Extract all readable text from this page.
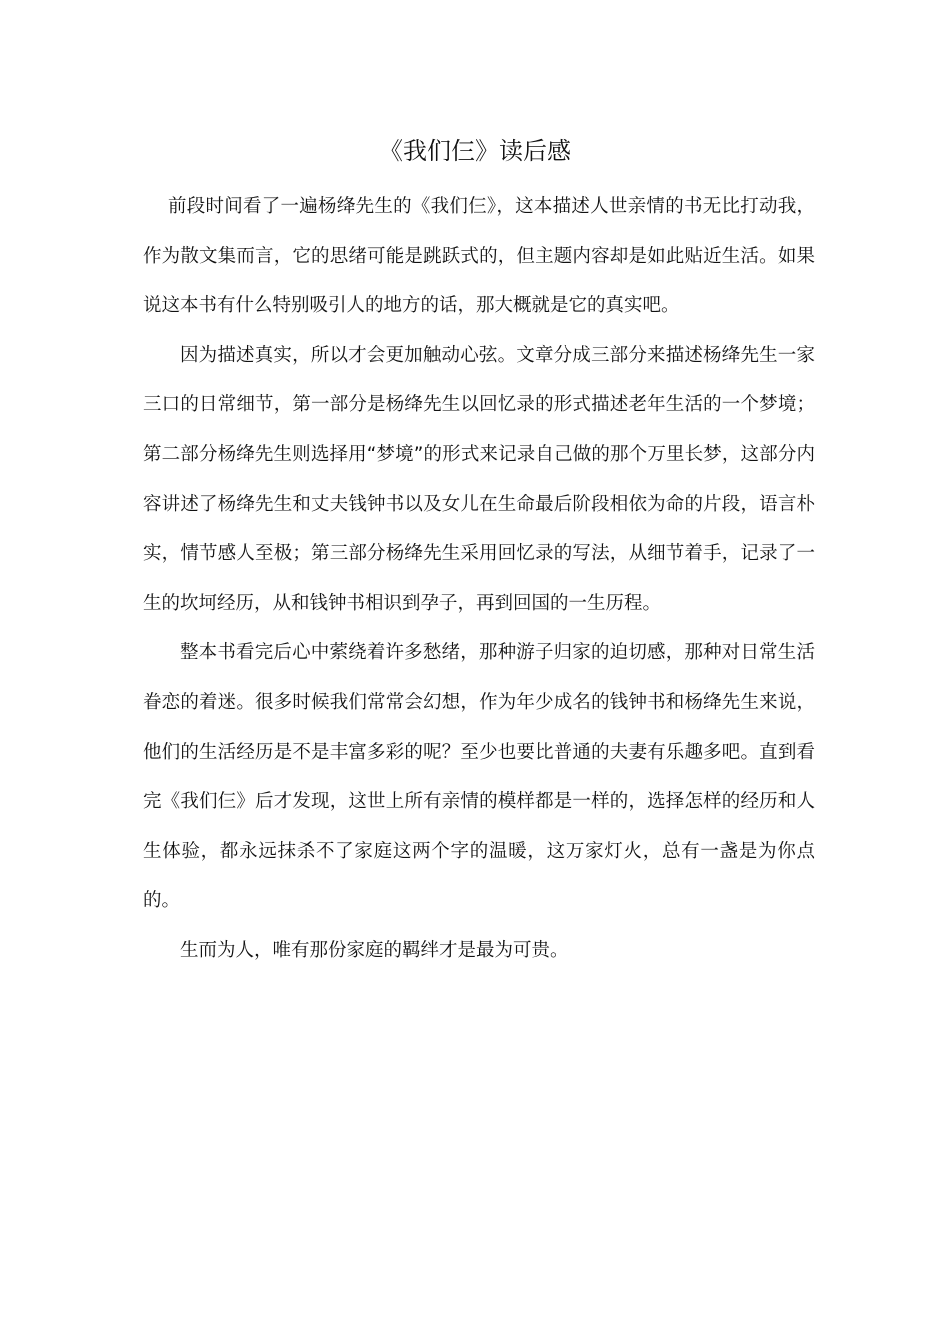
《我们仨》读后感

前段时间看了一遍杨绛先生的《我们仨》，这本描述人世亲情的书无比打动我，作为散文集而言，它的思绪可能是跳跃式的，但主题内容却是如此贴近生活。如果说这本书有什么特别吸引人的地方的话，那大概就是它的真实吧。

因为描述真实，所以才会更加触动心弦。文章分成三部分来描述杨绛先生一家三口的日常细节，第一部分是杨绛先生以回忆录的形式描述老年生活的一个梦境；第二部分杨绛先生则选择用“梦境”的形式来记录自己做的那个万里长梦，这部分内容讲述了杨绛先生和丈夫钱钟书以及女儿在生命最后阶段相依为命的片段，语言朴实，情节感人至极；第三部分杨绛先生采用回忆录的写法，从细节着手，记录了一生的坎坷经历，从和钱钟书相识到孕子，再到回国的一生历程。

整本书看完后心中萦绕着许多愁绪，那种游子归家的迫切感，那种对日常生活眷恋的着迷。很多时候我们常常会幻想，作为年少成名的钱钟书和杨绛先生来说，他们的生活经历是不是丰富多彩的呢？至少也要比普通的夫妻有乐趣多吧。直到看完《我们仨》后才发现，这世上所有亲情的模样都是一样的，选择怎样的经历和人生体验，都永远抹杀不了家庭这两个字的温暖，这万家灯火，总有一盏是为你点的。

生而为人，唯有那份家庭的羁绊才是最为可贵。
